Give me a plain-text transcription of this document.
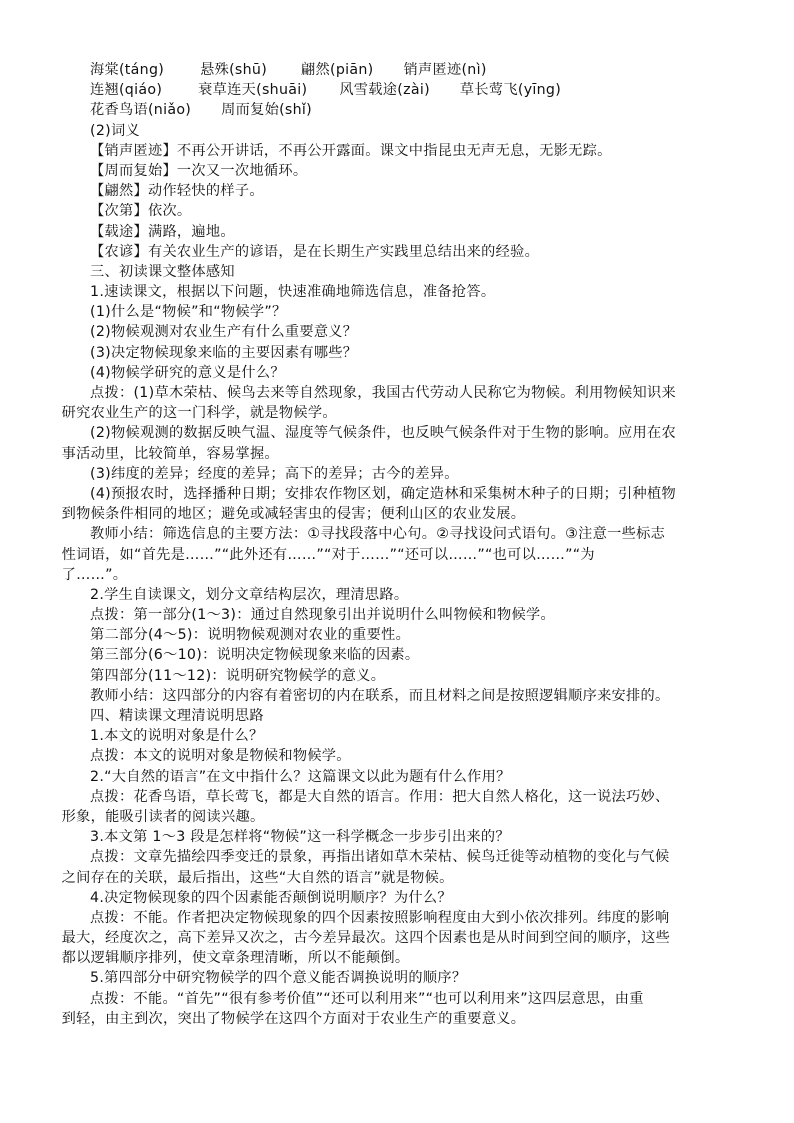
海棠(táng)	悬殊(shū) 翩然(piān) 销声匿迹(nì)
连翘(qiáo)	衰草连天(shuāi) 风雪载途(zài) 草长莺飞(yīng)
花香鸟语(niǎo) 周而复始(shǐ)
(2)词义
【销声匿迹】不再公开讲话，不再公开露面。课文中指昆虫无声无息，无影无踪。
【周而复始】一次又一次地循环。
【翩然】动作轻快的样子。
【次第】依次。
【载途】满路，遍地。
【农谚】有关农业生产的谚语，是在长期生产实践里总结出来的经验。
三、初读课文整体感知
1.速读课文，根据以下问题，快速准确地筛选信息，准备抢答。
(1)什么是“物候”和“物候学”？
(2)物候观测对农业生产有什么重要意义？
(3)决定物候现象来临的主要因素有哪些？
(4)物候学研究的意义是什么？
点拨：(1)草木荣枯、候鸟去来等自然现象，我国古代劳动人民称它为物候。利用物候知识来
研究农业生产的这一门科学，就是物候学。
(2)物候观测的数据反映气温、湿度等气候条件，也反映气候条件对于生物的影响。应用在农
事活动里，比较简单，容易掌握。
(3)纬度的差异；经度的差异；高下的差异；古今的差异。
(4)预报农时，选择播种日期；安排农作物区划，确定造林和采集树木种子的日期；引种植物
到物候条件相同的地区；避免或减轻害虫的侵害；便利山区的农业发展。
教师小结：筛选信息的主要方法：①寻找段落中心句。②寻找设问式语句。③注意一些标志
性词语，如“首先是……”“此外还有……”“对于……”“还可以……”“也可以……”“为
了……”。
2.学生自读课文，划分文章结构层次，理清思路。
点拨：第一部分(1～3)：通过自然现象引出并说明什么叫物候和物候学。
第二部分(4～5)：说明物候观测对农业的重要性。
第三部分(6～10)：说明决定物候现象来临的因素。
第四部分(11～12)：说明研究物候学的意义。
教师小结：这四部分的内容有着密切的内在联系，而且材料之间是按照逻辑顺序来安排的。
四、精读课文理清说明思路
1.本文的说明对象是什么？
点拨：本文的说明对象是物候和物候学。
2.“大自然的语言”在文中指什么？这篇课文以此为题有什么作用？
点拨：花香鸟语，草长莺飞，都是大自然的语言。作用：把大自然人格化，这一说法巧妙、
形象，能吸引读者的阅读兴趣。
3.本文第 1～3 段是怎样将“物候”这一科学概念一步步引出来的？
点拨：文章先描绘四季变迁的景象，再指出诸如草木荣枯、候鸟迁徙等动植物的变化与气候
之间存在的关联，最后指出，这些“大自然的语言”就是物候。
4.决定物候现象的四个因素能否颠倒说明顺序？为什么？
点拨：不能。作者把决定物候现象的四个因素按照影响程度由大到小依次排列。纬度的影响
最大，经度次之，高下差异又次之，古今差异最次。这四个因素也是从时间到空间的顺序，这些
都以逻辑顺序排列，使文章条理清晰，所以不能颠倒。
5.第四部分中研究物候学的四个意义能否调换说明的顺序？
点拨：不能。“首先”“很有参考价值”“还可以利用来”“也可以利用来”这四层意思，由重
到轻，由主到次，突出了物候学在这四个方面对于农业生产的重要意义。
